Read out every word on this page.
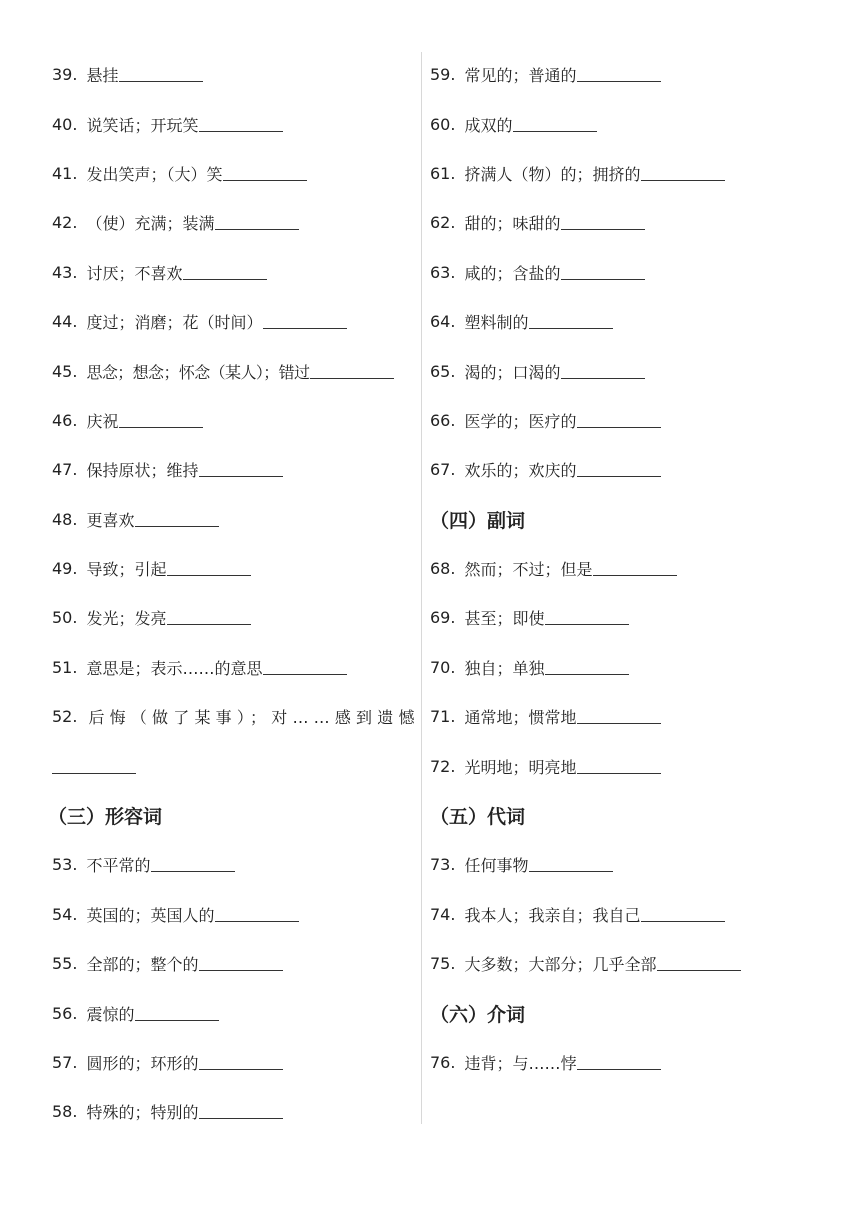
39. 悬挂
40. 说笑话；开玩笑
41. 发出笑声；（大）笑
42. （使）充满；装满
43. 讨厌；不喜欢
44. 度过；消磨；花（时间）
45. 思念；想念；怀念（某人）；错过
46. 庆祝
47. 保持原状；维持
48. 更喜欢
49. 导致；引起
50. 发光；发亮
51. 意思是；表示……的意思
52. 后悔（做了某事）；对……感到遗憾
（三）形容词
53. 不平常的
54. 英国的；英国人的
55. 全部的；整个的
56. 震惊的
57. 圆形的；环形的
58. 特殊的；特别的
59. 常见的；普通的
60. 成双的
61. 挤满人（物）的；拥挤的
62. 甜的；味甜的
63. 咸的；含盐的
64. 塑料制的
65. 渴的；口渴的
66. 医学的；医疗的
67. 欢乐的；欢庆的
（四）副词
68. 然而；不过；但是
69. 甚至；即使
70. 独自；单独
71. 通常地；惯常地
72. 光明地；明亮地
（五）代词
73. 任何事物
74. 我本人；我亲自；我自己
75. 大多数；大部分；几乎全部
（六）介词
76. 违背；与……悖
